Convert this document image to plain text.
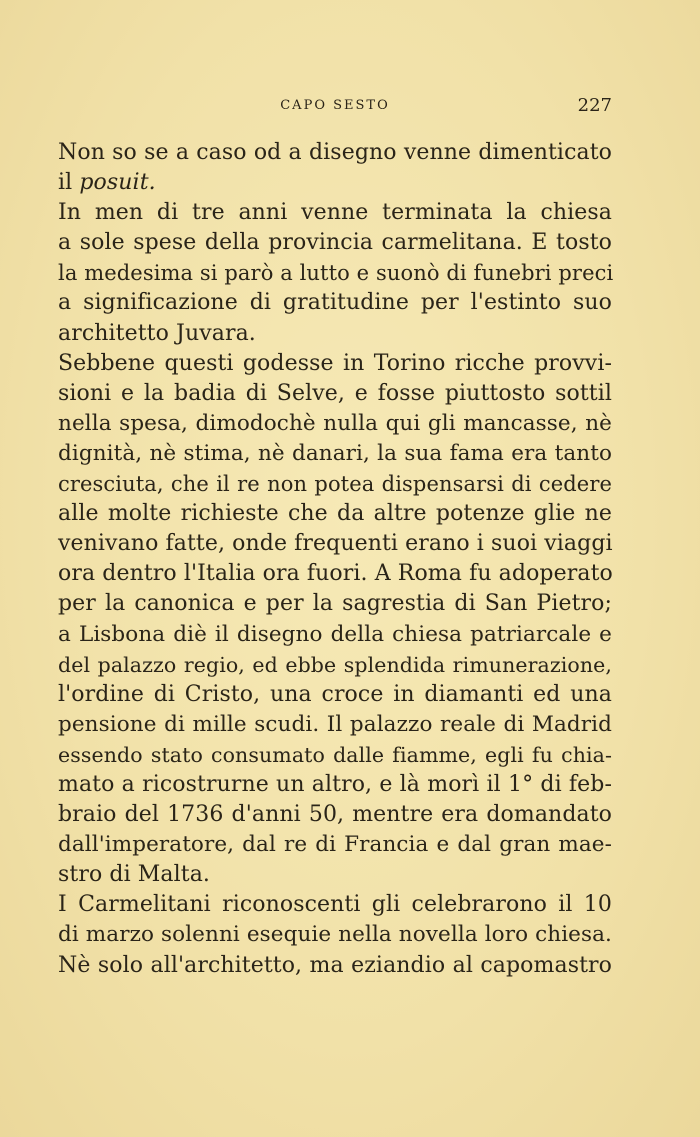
CAPO SESTO	227
Non so se a caso od a disegno venne dimenticato
il posuit.
In men di tre anni venne terminata la chiesa
a sole spese della provincia carmelitana. E tosto
la medesima si parò a lutto e suonò di funebri preci
a significazione di gratitudine per l'estinto suo
architetto Juvara.
Sebbene questi godesse in Torino ricche provvi-
sioni e la badia di Selve, e fosse piuttosto sottil
nella spesa, dimodochè nulla qui gli mancasse, nè
dignità, nè stima, nè danari, la sua fama era tanto
cresciuta, che il re non potea dispensarsi di cedere
alle molte richieste che da altre potenze glie ne
venivano fatte, onde frequenti erano i suoi viaggi
ora dentro l'Italia ora fuori. A Roma fu adoperato
per la canonica e per la sagrestia di San Pietro;
a Lisbona diè il disegno della chiesa patriarcale e
del palazzo regio, ed ebbe splendida rimunerazione,
l'ordine di Cristo, una croce in diamanti ed una
pensione di mille scudi. Il palazzo reale di Madrid
essendo stato consumato dalle fiamme, egli fu chia-
mato a ricostrurne un altro, e là morì il 1° di feb-
braio del 1736 d'anni 50, mentre era domandato
dall'imperatore, dal re di Francia e dal gran mae-
stro di Malta.
I Carmelitani riconoscenti gli celebrarono il 10
di marzo solenni esequie nella novella loro chiesa.
Nè solo all'architetto, ma eziandio al capomastro
